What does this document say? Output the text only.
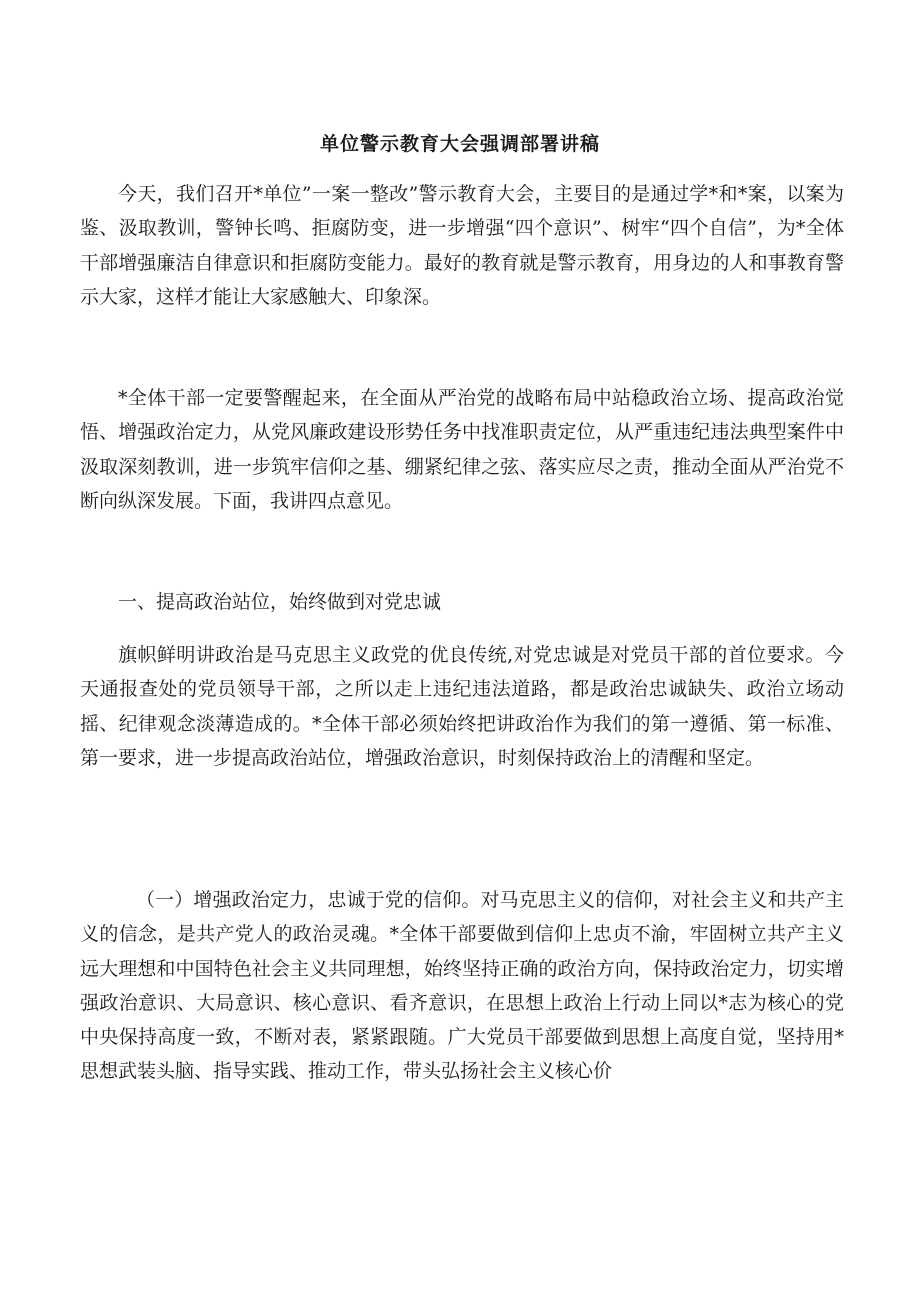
单位警示教育大会强调部署讲稿

今天，我们召开*单位”一案一整改”警示教育大会，主要目的是通过学*和*案，以案为鉴、汲取教训，警钟长鸣、拒腐防变，进一步增强“四个意识”、树牢“四个自信”，为*全体干部增强廉洁自律意识和拒腐防变能力。最好的教育就是警示教育，用身边的人和事教育警示大家，这样才能让大家感触大、印象深。

*全体干部一定要警醒起来，在全面从严治党的战略布局中站稳政治立场、提高政治觉悟、增强政治定力，从党风廉政建设形势任务中找准职责定位，从严重违纪违法典型案件中汲取深刻教训，进一步筑牢信仰之基、绷紧纪律之弦、落实应尽之责，推动全面从严治党不断向纵深发展。下面，我讲四点意见。

一、提高政治站位，始终做到对党忠诚

旗帜鲜明讲政治是马克思主义政党的优良传统,对党忠诚是对党员干部的首位要求。今天通报查处的党员领导干部，之所以走上违纪违法道路，都是政治忠诚缺失、政治立场动摇、纪律观念淡薄造成的。*全体干部必须始终把讲政治作为我们的第一遵循、第一标准、第一要求，进一步提高政治站位，增强政治意识，时刻保持政治上的清醒和坚定。

（一）增强政治定力，忠诚于党的信仰。对马克思主义的信仰，对社会主义和共产主义的信念，是共产党人的政治灵魂。*全体干部要做到信仰上忠贞不渝，牢固树立共产主义远大理想和中国特色社会主义共同理想，始终坚持正确的政治方向，保持政治定力，切实增强政治意识、大局意识、核心意识、看齐意识，在思想上政治上行动上同以*志为核心的党中央保持高度一致，不断对表，紧紧跟随。广大党员干部要做到思想上高度自觉，坚持用*思想武装头脑、指导实践、推动工作，带头弘扬社会主义核心价
